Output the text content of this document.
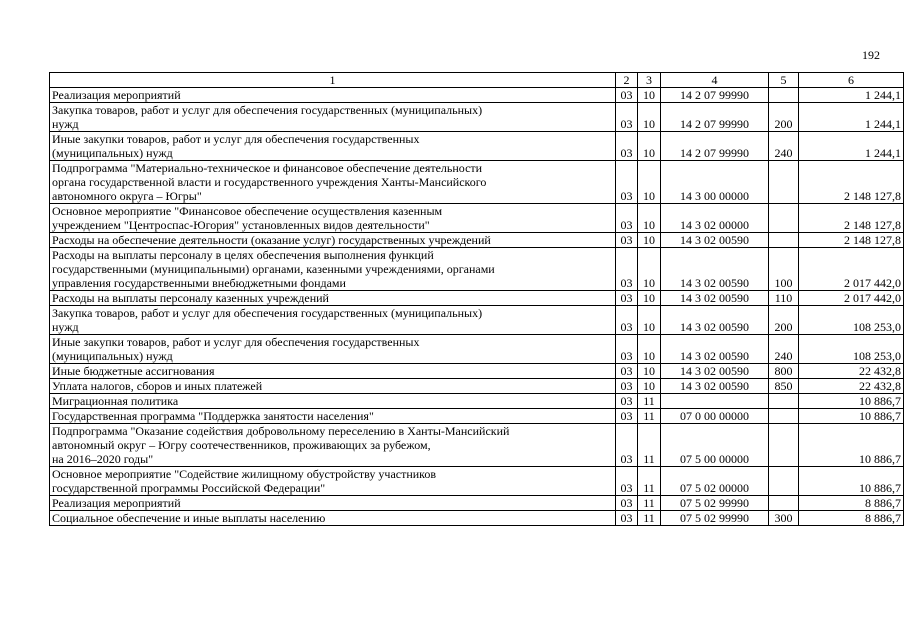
192
1	2	3	4	5	6
Реализация мероприятий	03	10	14 2 07 99990		1 244,1
Закупка товаров, работ и услуг для обеспечения государственных (муниципальных)
нужд	03	10	14 2 07 99990	200	1 244,1
Иные закупки товаров, работ и услуг для обеспечения государственных
(муниципальных) нужд	03	10	14 2 07 99990	240	1 244,1
Подпрограмма "Материально-техническое и финансовое обеспечение деятельности
органа государственной власти и государственного учреждения Ханты-Мансийского
автономного округа – Югры"	03	10	14 3 00 00000		2 148 127,8
Основное мероприятие "Финансовое обеспечение осуществления казенным
учреждением "Центроспас-Югория" установленных видов деятельности"	03	10	14 3 02 00000		2 148 127,8
Расходы на обеспечение деятельности (оказание услуг) государственных учреждений	03	10	14 3 02 00590		2 148 127,8
Расходы на выплаты персоналу в целях обеспечения выполнения функций
государственными (муниципальными) органами, казенными учреждениями, органами
управления государственными внебюджетными фондами	03	10	14 3 02 00590	100	2 017 442,0
Расходы на выплаты персоналу казенных учреждений	03	10	14 3 02 00590	110	2 017 442,0
Закупка товаров, работ и услуг для обеспечения государственных (муниципальных)
нужд	03	10	14 3 02 00590	200	108 253,0
Иные закупки товаров, работ и услуг для обеспечения государственных
(муниципальных) нужд	03	10	14 3 02 00590	240	108 253,0
Иные бюджетные ассигнования	03	10	14 3 02 00590	800	22 432,8
Уплата налогов, сборов и иных платежей	03	10	14 3 02 00590	850	22 432,8
Миграционная политика	03	11			10 886,7
Государственная программа "Поддержка занятости населения"	03	11	07 0 00 00000		10 886,7
Подпрограмма "Оказание содействия добровольному переселению в Ханты-Мансийский
автономный округ – Югру соотечественников, проживающих за рубежом,
на 2016–2020 годы"	03	11	07 5 00 00000		10 886,7
Основное мероприятие "Содействие жилищному обустройству участников
государственной программы Российской Федерации"	03	11	07 5 02 00000		10 886,7
Реализация мероприятий	03	11	07 5 02 99990		8 886,7
Социальное обеспечение и иные выплаты населению	03	11	07 5 02 99990	300	8 886,7
